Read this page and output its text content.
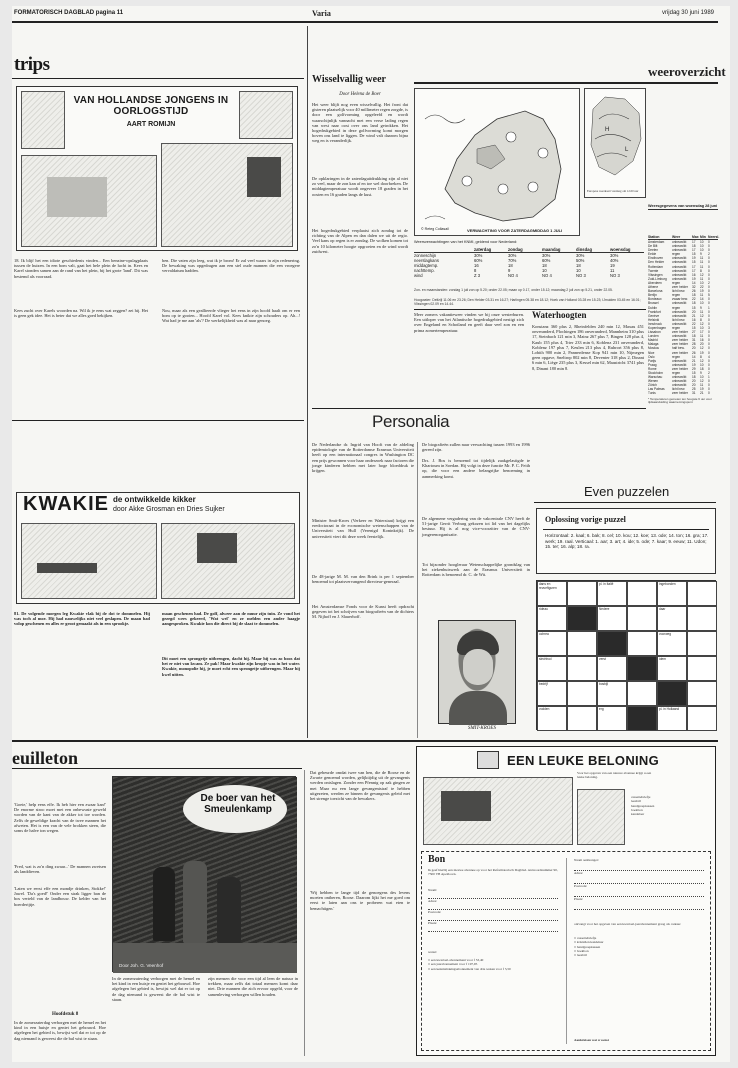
FORMATORISCH DAGBLAD pagina 11	Varia	vrijdag 30 juni 1989
trips
VAN HOLLANDSE JONGENS IN OORLOGSTIJD
AART ROMIJN
18. Ik blijf het een idiote geschiedenis vinden... Een benzine-opslagplaats tussen de huizen. In een bom valt, gaat het hele plein de lucht in. Kees en Karel stonden samen aan de rand van het plein, bij het grote 'land'. Dit was bestemd als voorraad.
Kees zucht over Karels woorden na. Wil ik je eens wat zeggen? zei hij. Het is geen gek idee. Het is beter dat we alles goed bekijken.
ben. Die vaten zijn leeg, wat ik je brom! Er zal veel waars in zijn redenering. De bewaking was opgedragen aan een stel oude mannen die een vroegere vervaldatum hadden.
Nou, maar als een geallieerde vlieger het eens in zijn hoofd haalt om er een bom op te gooien... Hoofd Karel vol. Kees knikte zijn schouders op. Ah...! Wat had je me aan 'als'? De werkelijkheid was al naar genoeg.
KWAKIE de ontwikkelde kikker
door Akke Grosman en Dries Sujker
81. De volgende morgen leg Kwakie vlak bij de dot te dommelen. Hij was toch al moe. Hij had nauwelijks niet veel geslapen. De maan had volop geschenen en alles er groot gemaakt als in een sprookje.
maan geschenen had. De golf, alweer aan de muur zijn tuin. Ze vond het gezegd wees gekeerd, 'Wat wel' en ze melden een ander haagje aangesproken. Kwakie kon die direct bij de slaat te dommelen.
Dit moet een sprongetje uitbrengen, dacht hij. Maar hij was zo boos dat het er niet van kwam. Ze pak! Maar kwakie zijn kropje was in het water. Kwakie, monopolie hij, je moet echt een sprongetje uitbrengen. Maar hij kwel uitten.
Wisselvallig weer
Door Helena de Boer
Het weer blijft nog even wisselvallig. Het front dat gisteren plaatselijk voor 40 millimeter regen zorgde, is door een golfvorming opgeleefd en wordt waarschijnlijk vannacht met een verse lading regen van west naar oost over ons land getrokken. Het hogedrukgebied in deze golfvorming komt morgen boven ons land te liggen. De wind valt daarom bijna weg en is veranderlijk.
De opklaringen in de zaterdaguitdrukking zijn al niet zo veel, maar de zon kan af en toe wel doorbreken. De middagtemperatuur wordt ongeveer 18 graden in het oosten en 16 graden langs de kust.
Het hogedrukgebied verplaatst zich zondag tot de richting van de Alpen en dan dalen we uit de regio. Veel kans op regen is er zondag. De wolken komen tot zo'n 10 kilometer hoogte opgroeien en de wind wordt zuidwest.
weeroverzicht
© Reteg Collasail	VERWACHTING VOOR ZATERDAGMIDDAG 1 JULI
H
L
Europese weerkaart vandaag om 12.00 uur
Weersverwachtingen van het KNMI, geldend voor Nederland:
zaterdag	zondag	maandag	dinsdag	woensdag
zonneschijn	30%	30%	30%	30%	30%
neerslagkans	60%	70%	60%	50%	40%
middagtemp.	16	18	18	18	19
nachttemp.	8	9	10	10	11
wind	Z 3	NO 4	NO 4	NO 3	NO 3
Zon- en maanstanden: zondag 1 juli zon op 5.20; onder 22.05; maan op 0.17, onder 15.12; maandag 2 juli zon op 5.21, onder 22.05.
Hoogwater: Delfzijl 11.06 en 23.26; Den Helder 03.31 en 16.27; Harlingen 05.38 en 18.12; Hoek van Holland 03.28 en 15.23; IJmuiden 03.45 en 16.01; Vlissingen 02.09 en 14.44.
Meer zomers vakantieweer vinden we bij onze westerburen. Een uitloper van het Atlantische hogedrukgebied nestigt zich over Engeland en Schotland en geeft daar veel zon en een prima zomertemperatuur.
Waterhoogten
Konstanz 360 plus 2, Rheinfelden 240 min 12, Maxau 451 onveranderd, Plochingen 186 onveranderd, Mannheim 310 plus 17, Steinbach 121 min 3, Mainz 267 plus 7, Bingen 128 plus 4, Kaub 155 plus 4, Trier 233 min 6, Koblenz 231 onveranderd, Koblenz 197 plus 7, Keulen 213 plus 4, Ruhrort 356 plus 8, Lobith 900 min 2, Pannerdense Kop 941 min 10, Nijmegen geen opgave, Sneltrop 802 min 8, Deventer 318 plus 2, Dinant 6 min 6, Liège 235 plus 3, Kessel min 62, Maastricht 3741 plus 8, Dinant 180 min 8.
Weersgegevens van woensdag 28 juni
Station	Weer	Max Min Neersl.
Amsterdam	onbewolkt	17	10	0
De Bilt	onbewolkt	18	10	0
Deelen	onbewolkt	17	10	0
Eelde	regen	15	9	2
Eindhoven	onbewolkt	19	11	0
Den Helder	onbewolkt	15	11	0
Rotterdam	onbewolkt	17	11	0
Twente	onbewolkt	17	8	0
Vlissingen	onbewolkt	16	12	0
Zuid-Limburg	onbewolkt	19	11	0
Aberdeen	regen	14	10	2
Athene	zeer helder	32	22	0
Barcelona	licht bew.	26	19	0
Berlijn	regen	18	11	5
Bordeaux	zwaar bew.	22	14	0
Brussel	onbewolkt	18	10	0
Dublin	regen	15	9	1
Frankfurt	onbewolkt	20	11	0
Genève	onbewolkt	21	12	0
Helsinki	licht bew.	16	8	0
Innsbruck	onbewolkt	22	12	0
Kopenhagen	regen	15	10	3
Lissabon	zeer helder	27	17	0
Londen	onbewolkt	18	11	0
Madrid	zeer helder	31	16	0
Malaga	zeer helder	28	20	0
Moskou	half bew.	20	12	0
Nice	zeer helder	26	19	0
Oslo	regen	14	8	4
Parijs	onbewolkt	21	12	0
Praag	onbewolkt	19	10	0
Rome	zeer helder	29	18	0
Stockholm	regen	15	9	2
Warschau	onbewolkt	18	10	1
Wenen	onbewolkt	20	12	0
Zürich	onbewolkt	20	11	0
Las Palmas	licht bew.	25	19	0
Tunis	zeer helder	31	21	0
* Temperaturen gemeten ten hoogste 6 uur voor tijdsaanduiding waarnemingspunt
Personalia
De Nederlandse dr. Ingrid van Hooft van de afdeling epidemiologie van de Rotterdamse Erasmus Universiteit heeft op een internationaal congres in Washington DC een prijs gewonnen voor haar onderzoek naar factoren die jonge kinderen hebben met later hoge bloeddruk te krijgen.
Minister Smit-Kroes (Verkeer en Waterstaat) krijgt een eredoctoraat in de economische wetenschappen van de Universiteit van Hull (Verenigd Koninkrijk). De universiteit viert dit deze week feestelijk.
De 48-jarige M. M. van den Brink is per 1 september benoemd tot plaatsvervangend directeur-generaal.
Het Amsterdamse Fonds voor de Kunst heeft opdracht gegeven tot het schrijven van biografieën van de dichters M. Nijhoff en J. Slauerhoff.
De biografieën zullen naar verwachting tussen 1993 en 1996 gereed zijn.
Drs. J. Bos is benoemd tot tijdelijk zaakgelastigde te Khartoum in Soedan. Hij volgt in deze functie Mr. P. C. Feith op, die voor een andere belangrijke benoeming in aanmerking komt.
De algemene vergadering van de vakcentrale CNV heeft de 51-jarige Gerrit Verburg gekozen tot lid van het dagelijks bestuur. Hij is al nog vice-voorzitter van de CNV-jongerenorganisatie.
Tot bijzonder hoogleraar Wetenschappelijke grondslag van het ziekenhuiswerk aan de Erasmus Universiteit in Rotterdam is benoemd dr. C. de Wit.
SMIT-KROES
Even puzzelen
Oplossing vorige puzzel
Horizontaal: 2. kaal; 6. bak; 8. cel; 10. kou; 12. koe; 13. ode; 14. ton; 16. gra; 17. werk; 19. raal. Verticaal: 1. aar; 3. art; 4. ide; 5. ode; 7. kaar; 9. eeuw; 11. Udon; 15. ter; 16. alp; 18. ra.
dans en revuefiguren
pl. in Italië	ingebonden
rideau	Nedere	daar
ochrea	voorweg
slechtvol	verst	idem
bedrijf	bosbijl
vodden	erg	pl. in Hollaand
euilleton
'Goeie,' help eens effe. Ik heb hier een zwaar kan!' De enorme stroo moet met een onbewuste geweld worden van de kant van de akker tot toe worden. Zelfs de geweldige kracht van de twee mannen het afweten. Het is een van de vele brokken steen, die soms de halve ton wegen.
'Fred, wat is zo'n ding zwaar...' De mannen zwetsen als landdieven.
'Laten we eerst effe een mondje drinken, Stokke!' Jawel. 'Da's goed!' Onder een strak ligger ban de bos verteld van de landbouw. De kelder van het boerderijtje.
Hoofdstuk 8
In de zomerzaterdag verborgen met de hemel en het kind in een huisje en geniet het gebouwd. Hoe afgelegen het gebied is, bewijst wel dat er tot op de dag niemand is geweest die de bal wist te staan.
De boer van het Smeulenkamp
Door Joh. G. Veenhof
In de zomerzaterdag verborgen met de hemel en het kind in een huisje en geniet het gebouwd. Hoe afgelegen het gebied is, bewijst wel dat er tot op de dag niemand is geweest die de bal wist te staan.
zijn mensen die voor een tijd al leen de natuur in trekken, maar zelfs dat totaal mensen komt daar niet. Drie mannen die zich ervoor opgeld, voor de samenleving verborgen willen houden.
Dat gebeurde omdat twee van hen, die de Roose en de Zwarte genoemd worden, gelijktijdig uit de gevangenis werden ontslagen. Zonder een Pfennig op zak gingen ze met Maar nu een lange gevangenistraf te hebben uitgezeten, werden ze binnen de gevangenis geleid met het strenge toezicht van de bewakers.
'Wij hebben te lange tijd de genoegens des levens moeten ontberen, Roose. Daarom lijkt het me goed om eerst te laten aan ons te proberen wat eten te bemachtigen.'
EEN LEUKE BELONING
Voor het opgeven van een nieuwe abonnee krijgt u een leuke beloning.
cassettebriefje
leesbril
handgreepkussen
boekbon
kandelaar
Bon
Ik geef hierbij een nieuwe abonnee op voor het Reformatorisch Dagblad. Antwoordnummer 90, 7300 VB Apeldoorn.
Naam:
Adres:
Postcode:
Plaats:
wenst:
□ een kwartaal-abonnement voor f 53,40
□ een jaarabonnement voor f 197,95
□ een kennismakingsabonnement van drie weken voor f 5,50
Naam aanbrenger:
Adres:
Postcode:
Plaats:
ontvangt voor het opgeven van een kwartaal-jaarabonnement graag als cadeau:
□ cassettebriefje
□ kristallen kandelaar
□ handgreepkussen
□ boekbon
□ leesbril
Aankruisen wat u wenst
